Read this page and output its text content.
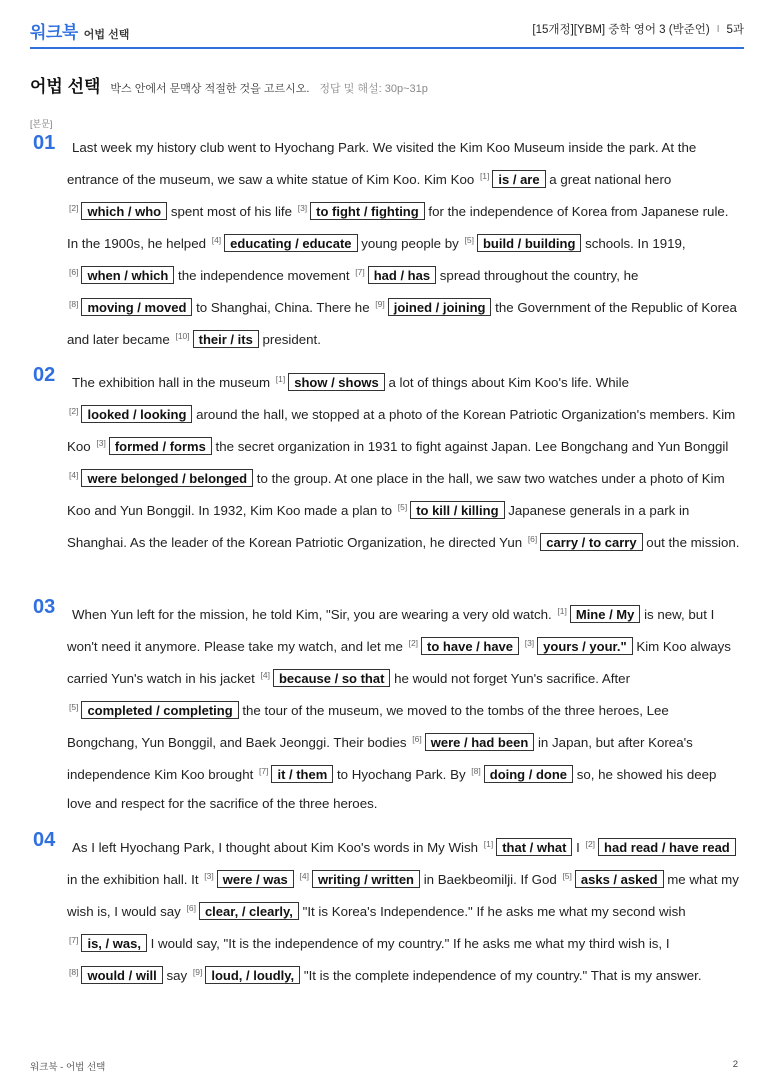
워크북 어법 선택	[15개정][YBM] 중학 영어 3 (박준언) I 5과
어법 선택 박스 안에서 문맥상 적절한 것을 고르시오. 정답 및 해설: 30p~31p
[본문]
01	Last week my history club went to Hyochang Park. We visited the Kim Koo Museum inside the park. At the entrance of the museum, we saw a white statue of Kim Koo. Kim Koo [1] is / are a great national hero [2] which / who spent most of his life [3] to fight / fighting for the independence of Korea from Japanese rule. In the 1900s, he helped [4] educating / educate young people by [5] build / building schools. In 1919, [6] when / which the independence movement [7] had / has spread throughout the country, he [8] moving / moved to Shanghai, China. There he [9] joined / joining the Government of the Republic of Korea and later became [10] their / its president.
02	The exhibition hall in the museum [1] show / shows a lot of things about Kim Koo's life. While [2] looked / looking around the hall, we stopped at a photo of the Korean Patriotic Organization's members. Kim Koo [3] formed / forms the secret organization in 1931 to fight against Japan. Lee Bongchang and Yun Bonggil [4] were belonged / belonged to the group. At one place in the hall, we saw two watches under a photo of Kim Koo and Yun Bonggil. In 1932, Kim Koo made a plan to [5] to kill / killing Japanese generals in a park in Shanghai. As the leader of the Korean Patriotic Organization, he directed Yun [6] carry / to carry out the mission.
03	When Yun left for the mission, he told Kim, "Sir, you are wearing a very old watch. [1] Mine / My is new, but I won't need it anymore. Please take my watch, and let me [2] to have / have [3] yours / your." Kim Koo always carried Yun's watch in his jacket [4] because / so that he would not forget Yun's sacrifice. After [5] completed / completing the tour of the museum, we moved to the tombs of the three heroes, Lee Bongchang, Yun Bonggil, and Baek Jeonggi. Their bodies [6] were / had been in Japan, but after Korea's independence Kim Koo brought [7] it / them to Hyochang Park. By [8] doing / done so, he showed his deep love and respect for the sacrifice of the three heroes.
04	As I left Hyochang Park, I thought about Kim Koo's words in My Wish [1] that / what I [2] had read / have read in the exhibition hall. It [3] were / was [4] writing / written in Baekbeomilji. If God [5] asks / asked me what my wish is, I would say [6] clear, / clearly, "It is Korea's Independence." If he asks me what my second wish [7] is, / was, I would say, "It is the independence of my country." If he asks me what my third wish is, I [8] would / will say [9] loud, / loudly, "It is the complete independence of my country." That is my answer.
워크북 - 어법 선택	2
